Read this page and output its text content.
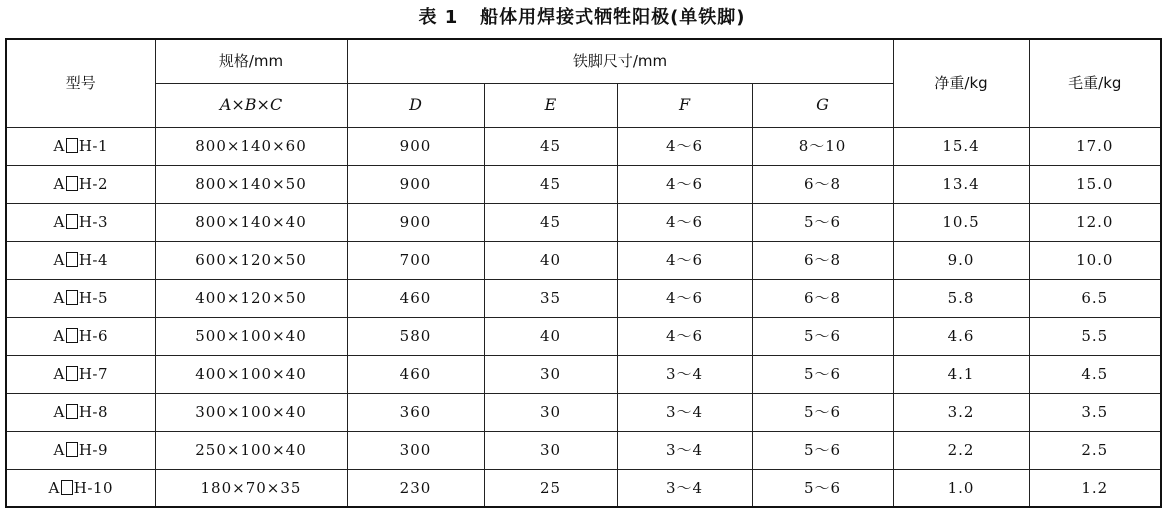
表 1 船体用焊接式牺牲阳极(单铁脚)
型号	规格/mm	铁脚尺寸/mm				净重/kg	毛重/kg
	A×B×C	D	E	F	G		
A H-1	800×140×60	900	45	4～6	8～10	15.4	17.0
A H-2	800×140×50	900	45	4～6	6～8	13.4	15.0
A H-3	800×140×40	900	45	4～6	5～6	10.5	12.0
A H-4	600×120×50	700	40	4～6	6～8	9.0	10.0
A H-5	400×120×50	460	35	4～6	6～8	5.8	6.5
A H-6	500×100×40	580	40	4～6	5～6	4.6	5.5
A H-7	400×100×40	460	30	3～4	5～6	4.1	4.5
A H-8	300×100×40	360	30	3～4	5～6	3.2	3.5
A H-9	250×100×40	300	30	3～4	5～6	2.2	2.5
A H-10	180×70×35	230	25	3～4	5～6	1.0	1.2
